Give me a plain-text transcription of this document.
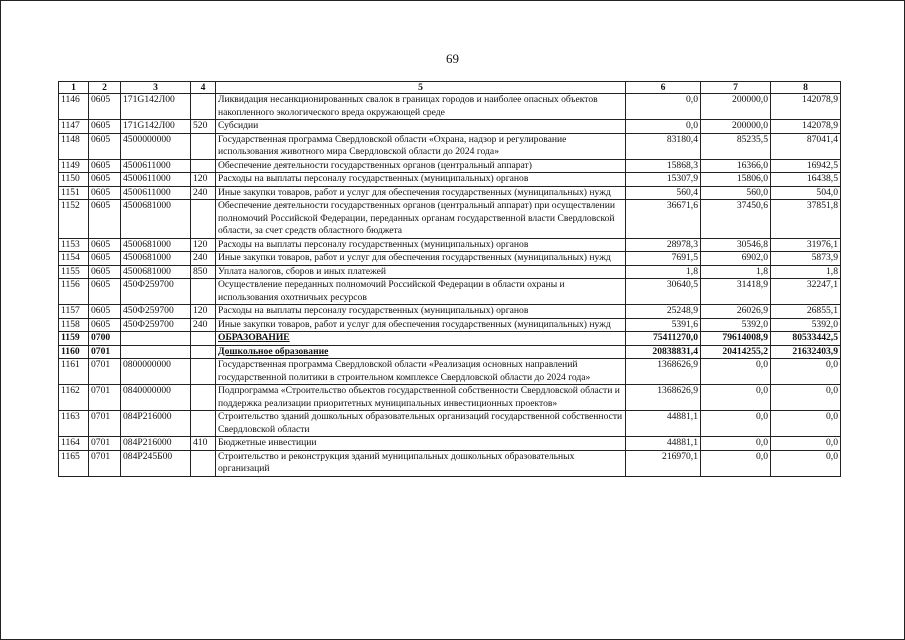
69
1	2	3	4	5	6	7	8
1146	0605	171G142Л00		Ликвидация несанкционированных свалок в границах городов и наиболее опасных объектов накопленного экологического вреда окружающей среде	0,0	200000,0	142078,9
1147	0605	171G142Л00	520	Субсидии	0,0	200000,0	142078,9
1148	0605	4500000000		Государственная программа Свердловской области «Охрана, надзор и регулирование использования животного мира Свердловской области до 2024 года»	83180,4	85235,5	87041,4
1149	0605	4500611000		Обеспечение деятельности государственных органов (центральный аппарат)	15868,3	16366,0	16942,5
1150	0605	4500611000	120	Расходы на выплаты персоналу государственных (муниципальных) органов	15307,9	15806,0	16438,5
1151	0605	4500611000	240	Иные закупки товаров, работ и услуг для обеспечения государственных (муниципальных) нужд	560,4	560,0	504,0
1152	0605	4500681000		Обеспечение деятельности государственных органов (центральный аппарат) при осуществлении полномочий Российской Федерации, переданных органам государственной власти Свердловской области, за счет средств областного бюджета	36671,6	37450,6	37851,8
1153	0605	4500681000	120	Расходы на выплаты персоналу государственных (муниципальных) органов	28978,3	30546,8	31976,1
1154	0605	4500681000	240	Иные закупки товаров, работ и услуг для обеспечения государственных (муниципальных) нужд	7691,5	6902,0	5873,9
1155	0605	4500681000	850	Уплата налогов, сборов и иных платежей	1,8	1,8	1,8
1156	0605	450Ф259700		Осуществление переданных полномочий Российской Федерации в области охраны и использования охотничьих ресурсов	30640,5	31418,9	32247,1
1157	0605	450Ф259700	120	Расходы на выплаты персоналу государственных (муниципальных) органов	25248,9	26026,9	26855,1
1158	0605	450Ф259700	240	Иные закупки товаров, работ и услуг для обеспечения государственных (муниципальных) нужд	5391,6	5392,0	5392,0
1159	0700			ОБРАЗОВАНИЕ	75411270,0	79614008,9	80533442,5
1160	0701			Дошкольное образование	20838831,4	20414255,2	21632403,9
1161	0701	0800000000		Государственная программа Свердловской области «Реализация основных направлений государственной политики в строительном комплексе Свердловской области до 2024 года»	1368626,9	0,0	0,0
1162	0701	0840000000		Подпрограмма «Строительство объектов государственной собственности Свердловской области и поддержка реализации приоритетных муниципальных инвестиционных проектов»	1368626,9	0,0	0,0
1163	0701	084P216000		Строительство зданий дошкольных образовательных организаций государственной собственности Свердловской области	44881,1	0,0	0,0
1164	0701	084P216000	410	Бюджетные инвестиции	44881,1	0,0	0,0
1165	0701	084P245Б00		Строительство и реконструкция зданий муниципальных дошкольных образовательных организаций	216970,1	0,0	0,0
